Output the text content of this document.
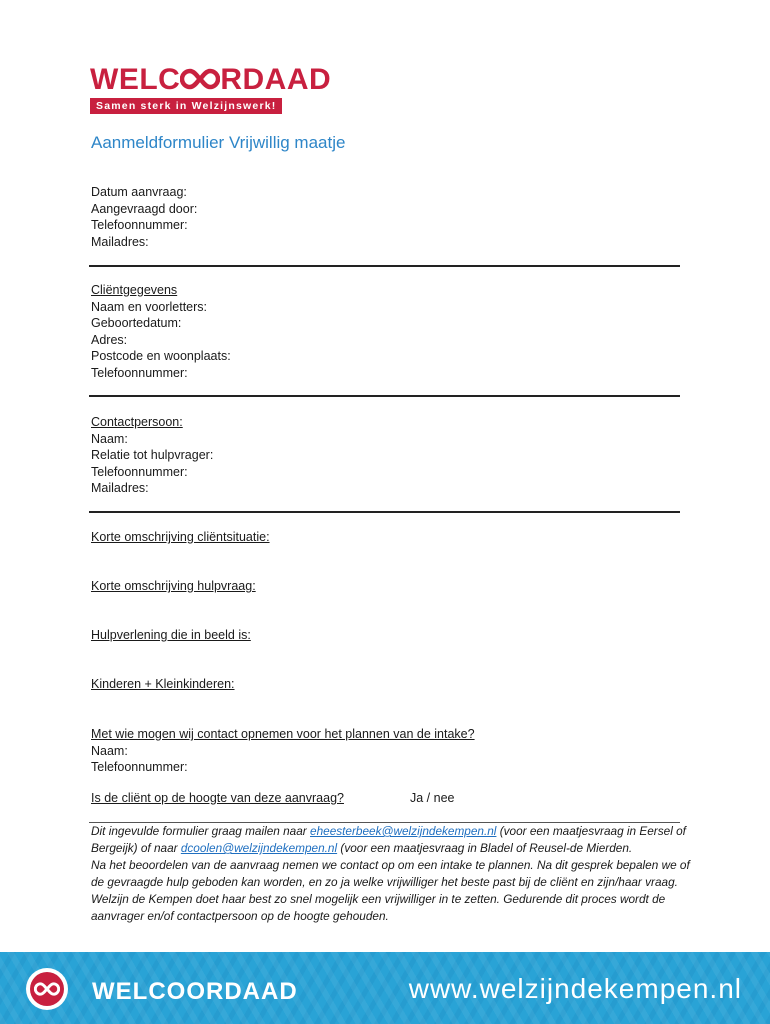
WELC RDAAD
Samen sterk in Welzijnswerk!
Aanmeldformulier Vrijwillig maatje
Datum aanvraag:
Aangevraagd door:
Telefoonnummer:
Mailadres:
Cliëntgegevens
Naam en voorletters:
Geboortedatum:
Adres:
Postcode en woonplaats:
Telefoonnummer:
Contactpersoon:
Naam:
Relatie tot hulpvrager:
Telefoonnummer:
Mailadres:
Korte omschrijving cliëntsituatie:
Korte omschrijving hulpvraag:
Hulpverlening die in beeld is:
Kinderen + Kleinkinderen:
Met wie mogen wij contact opnemen voor het plannen van de intake?
Naam:
Telefoonnummer:
Is de cliënt op de hoogte van deze aanvraag?	Ja / nee

Dit ingevulde formulier graag mailen naar eheesterbeek@welzijndekempen.nl (voor een maatjesvraag in Eersel of Bergeijk) of naar dcoolen@welzijndekempen.nl (voor een maatjesvraag in Bladel of Reusel-de Mierden.

Na het beoordelen van de aanvraag nemen we contact op om een intake te plannen. Na dit gesprek bepalen we of de gevraagde hulp geboden kan worden, en zo ja welke vrijwilliger het beste past bij de cliënt en zijn/haar vraag. Welzijn de Kempen doet haar best zo snel mogelijk een vrijwilliger in te zetten. Gedurende dit proces wordt de aanvrager en/of contactpersoon op de hoogte gehouden.

WELCOORDAAD	www.welzijndekempen.nl
